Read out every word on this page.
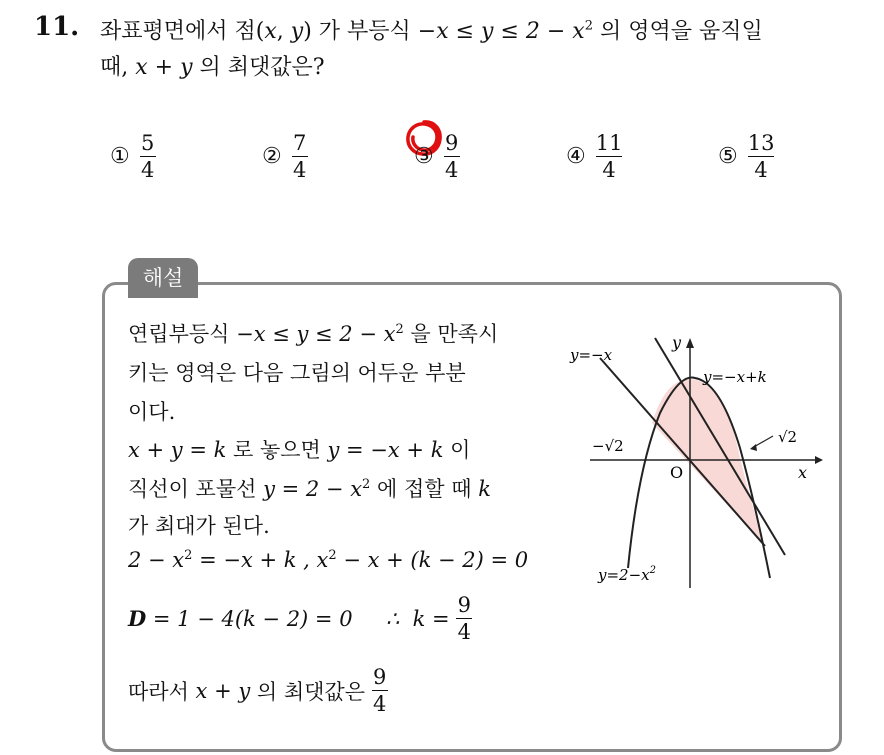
11. 좌표평면에서 점(x, y) 가 부등식 $-x \le y \le 2 - x^2$ 의 영역을 움직일
때, x + y 의 최댓값은?
① $\frac{5}{4}$	② $\frac{7}{4}$	③ $\frac{9}{4}$	④ $\frac{11}{4}$	⑤ $\frac{13}{4}$
해설
연립부등식 $-x \le y \le 2 - x^2$ 을 만족시
키는 영역은 다음 그림의 어두운 부분
이다.
x + y = k 로 놓으면 y = −x + k 이
직선이 포물선 $y = 2 - x^2$ 에 접할 때 k
가 최대가 된다.
$2 - x^2 = -x + k$ , $x^2 - x + (k - 2) = 0$
D = 1 − 4(k − 2) = 0     ∴  $k = \frac{9}{4}$
따라서 x + y 의 최댓값은 $\frac{9}{4}$
y=−x
y
y=−x+k
−√2	√2
O	x
$y=2-x^2$
